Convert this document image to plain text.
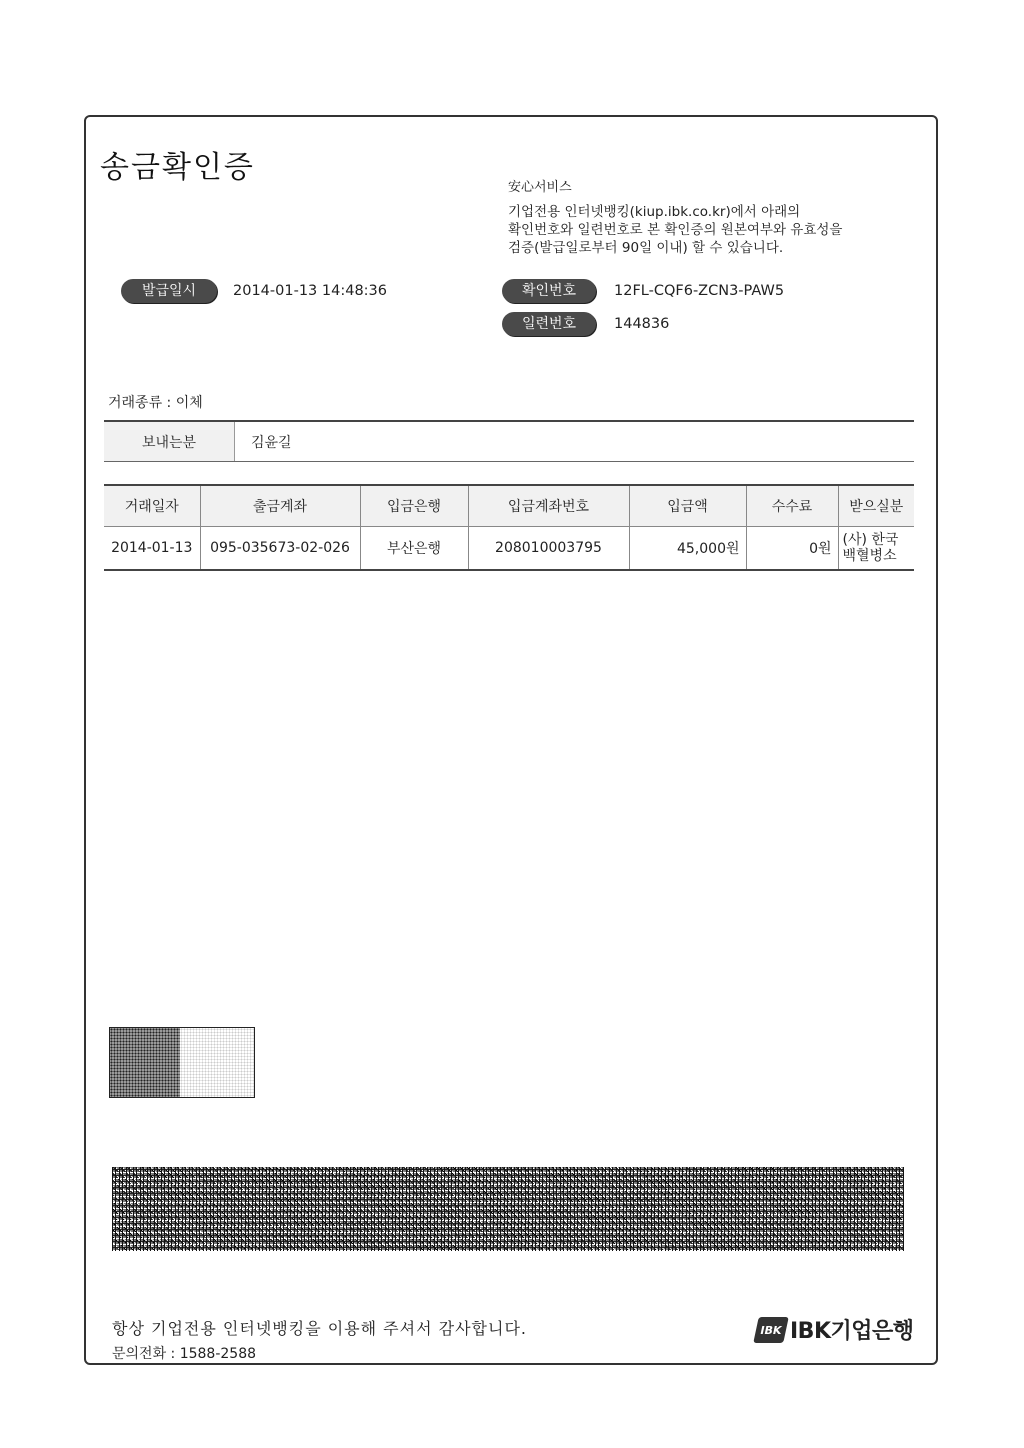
송금확인증
安心서비스
기업전용 인터넷뱅킹(kiup.ibk.co.kr)에서 아래의
확인번호와 일련번호로 본 확인증의 원본여부와 유효성을
검증(발급일로부터 90일 이내) 할 수 있습니다.
발급일시	2014-01-13 14:48:36	확인번호	12FL-CQF6-ZCN3-PAW5
일련번호	144836
거래종류 : 이체
보내는분	김윤길
거래일자	출금계좌	입금은행	입금계좌번호	입금액	수수료	받으실분
2014-01-13	095-035673-02-026	부산은행	208010003795	45,000원	0원	(사) 한국
백혈병소
항상 기업전용 인터넷뱅킹을 이용해 주셔서 감사합니다.
문의전화 : 1588-2588
IBK IBK기업은행
